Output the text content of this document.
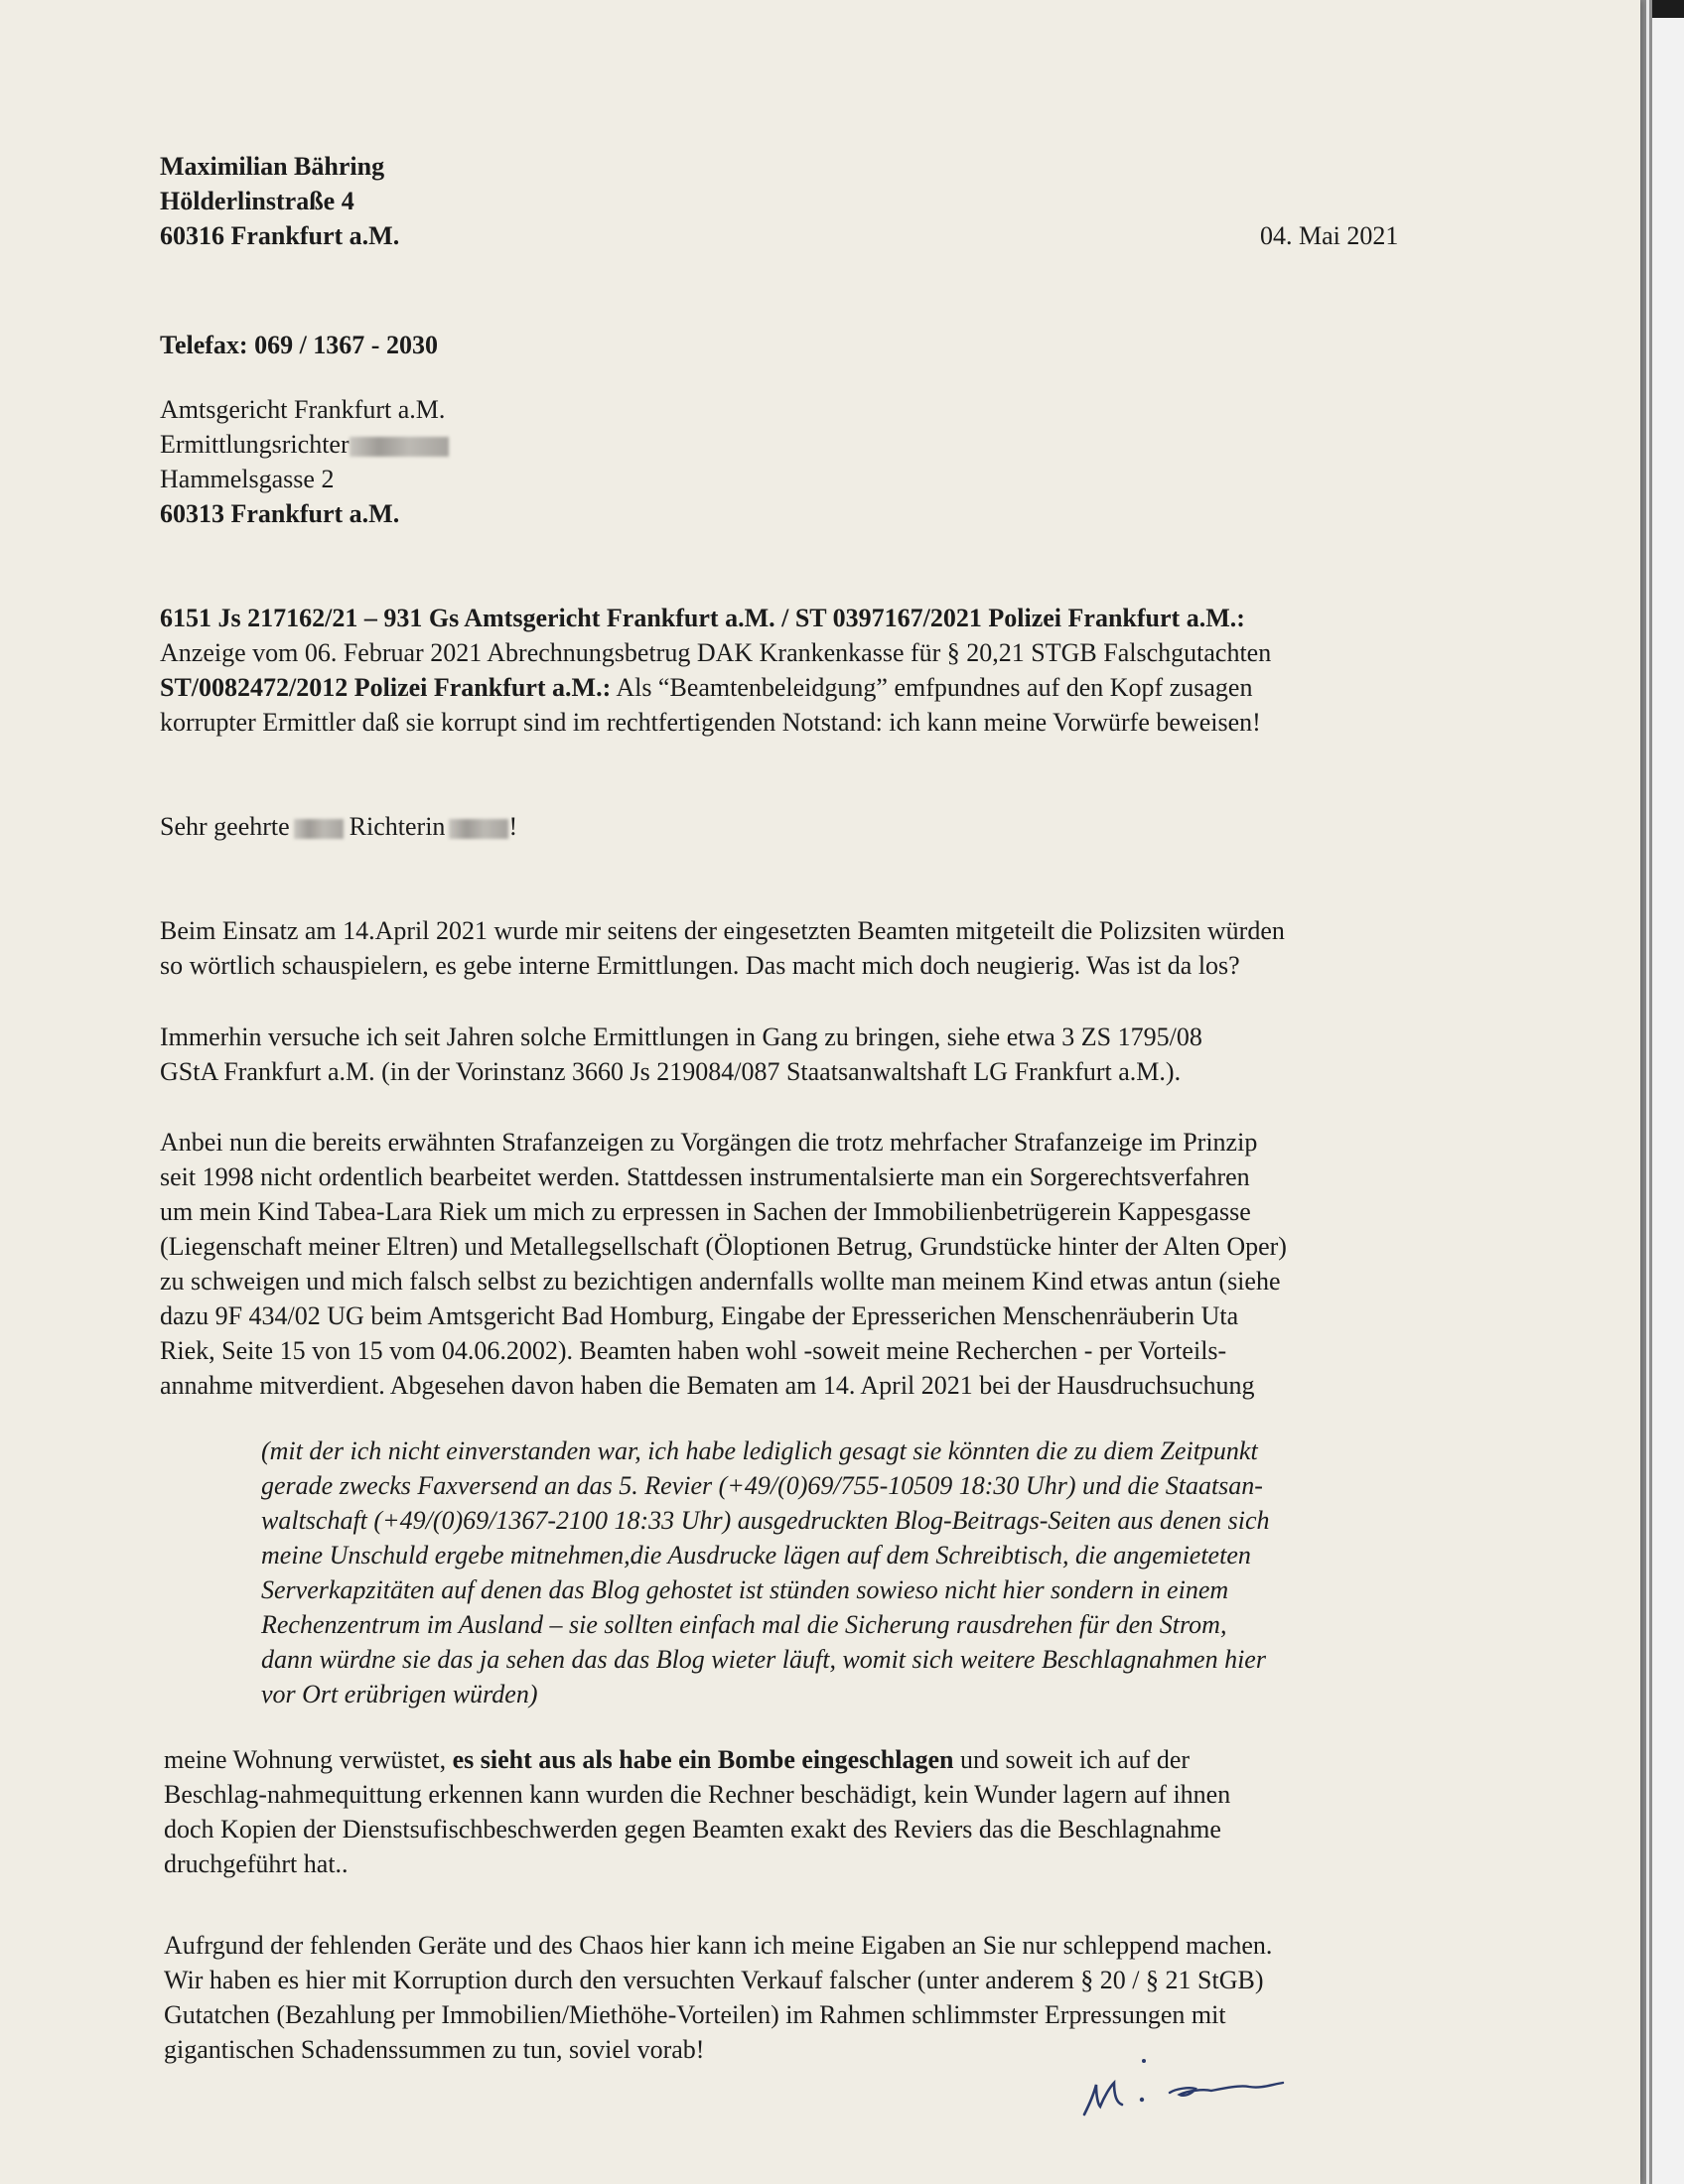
Maximilian Bähring
Hölderlinstraße 4
60316 Frankfurt a.M.	04. Mai 2021
Telefax: 069 / 1367 - 2030
Amtsgericht Frankfurt a.M.
Ermittlungsrichter
Hammelsgasse 2
60313 Frankfurt a.M.
6151 Js 217162/21 – 931 Gs Amtsgericht Frankfurt a.M. / ST 0397167/2021 Polizei Frankfurt a.M.:
Anzeige vom 06. Februar 2021 Abrechnungsbetrug DAK Krankenkasse für § 20,21 STGB Falschgutachten
ST/0082472/2012 Polizei Frankfurt a.M.: Als “Beamtenbeleidgung” emfpundnes auf den Kopf zusagen
korrupter Ermittler daß sie korrupt sind im rechtfertigenden Notstand: ich kann meine Vorwürfe beweisen!
Sehr geehrte Richterin !
Beim Einsatz am 14.April 2021 wurde mir seitens der eingesetzten Beamten mitgeteilt die Polizsiten würden
so wörtlich schauspielern, es gebe interne Ermittlungen. Das macht mich doch neugierig. Was ist da los?
Immerhin versuche ich seit Jahren solche Ermittlungen in Gang zu bringen, siehe etwa 3 ZS 1795/08
GStA Frankfurt a.M. (in der Vorinstanz 3660 Js 219084/087 Staatsanwaltshaft LG Frankfurt a.M.).
Anbei nun die bereits erwähnten Strafanzeigen zu Vorgängen die trotz mehrfacher Strafanzeige im Prinzip
seit 1998 nicht ordentlich bearbeitet werden. Stattdessen instrumentalsierte man ein Sorgerechtsverfahren
um mein Kind Tabea-Lara Riek um mich zu erpressen in Sachen der Immobilienbetrügerein Kappesgasse
(Liegenschaft meiner Eltren) und Metallegsellschaft (Öloptionen Betrug, Grundstücke hinter der Alten Oper)
zu schweigen und mich falsch selbst zu bezichtigen andernfalls wollte man meinem Kind etwas antun (siehe
dazu 9F 434/02 UG beim Amtsgericht Bad Homburg, Eingabe der Epresserichen Menschenräuberin Uta
Riek, Seite 15 von 15 vom 04.06.2002). Beamten haben wohl -soweit meine Recherchen - per Vorteils-
annahme mitverdient. Abgesehen davon haben die Bematen am 14. April 2021 bei der Hausdruchsuchung
(mit der ich nicht einverstanden war, ich habe lediglich gesagt sie könnten die zu diem Zeitpunkt
gerade zwecks Faxversend an das 5. Revier (+49/(0)69/755-10509 18:30 Uhr) und die Staatsan-
waltschaft (+49/(0)69/1367-2100 18:33 Uhr) ausgedruckten Blog-Beitrags-Seiten aus denen sich
meine Unschuld ergebe mitnehmen,die Ausdrucke lägen auf dem Schreibtisch, die angemieteten
Serverkapzitäten auf denen das Blog gehostet ist stünden sowieso nicht hier sondern in einem
Rechenzentrum im Ausland – sie sollten einfach mal die Sicherung rausdrehen für den Strom,
dann würdne sie das ja sehen das das Blog wieter läuft, womit sich weitere Beschlagnahmen hier
vor Ort erübrigen würden)
meine Wohnung verwüstet, es sieht aus als habe ein Bombe eingeschlagen und soweit ich auf der
Beschlag-nahmequittung erkennen kann wurden die Rechner beschädigt, kein Wunder lagern auf ihnen
doch Kopien der Dienstsufischbeschwerden gegen Beamten exakt des Reviers das die Beschlagnahme
druchgeführt hat..
Aufrgund der fehlenden Geräte und des Chaos hier kann ich meine Eigaben an Sie nur schleppend machen.
Wir haben es hier mit Korruption durch den versuchten Verkauf falscher (unter anderem § 20 / § 21 StGB)
Gutatchen (Bezahlung per Immobilien/Miethöhe-Vorteilen) im Rahmen schlimmster Erpressungen mit
gigantischen Schadenssummen zu tun, soviel vorab!
